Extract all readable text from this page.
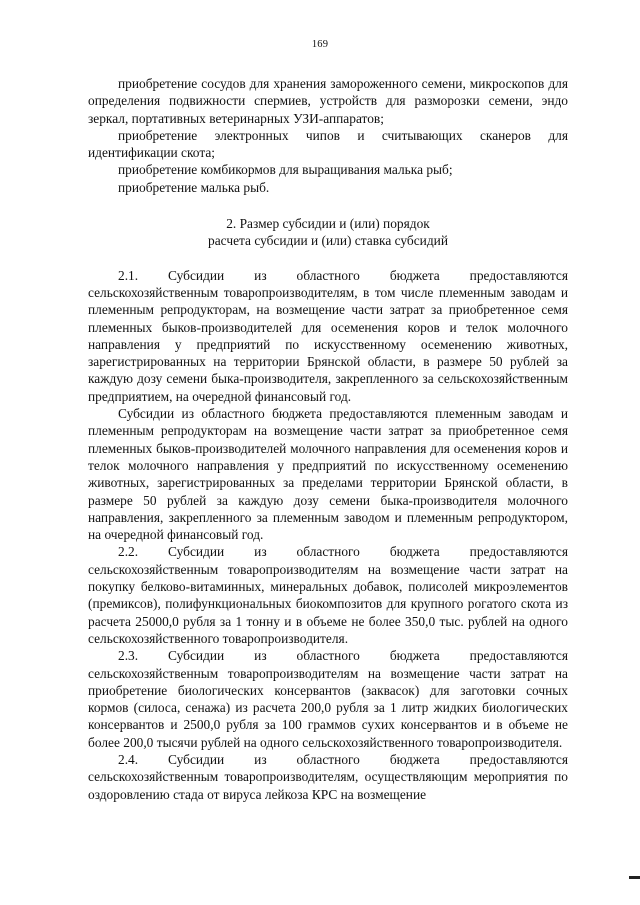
169

приобретение сосудов для хранения замороженного семени, микроскопов для определения подвижности спермиев, устройств для разморозки семени, эндо зеркал, портативных ветеринарных УЗИ-аппаратов;

приобретение электронных чипов и считывающих сканеров для идентификации скота;

приобретение комбикормов для выращивания малька рыб;

приобретение малька рыб.

2. Размер субсидии и (или) порядок

расчета субсидии и (или) ставка субсидий

2.1. Субсидии из областного бюджета предоставляются сельскохозяйственным товаропроизводителям, в том числе племенным заводам и племенным репродукторам, на возмещение части затрат за приобретенное семя племенных быков-производителей для осеменения коров и телок молочного направления у предприятий по искусственному осеменению животных, зарегистрированных на территории Брянской области, в размере 50 рублей за каждую дозу семени быка-производителя, закрепленного за сельскохозяйственным предприятием, на очередной финансовый год.

Субсидии из областного бюджета предоставляются племенным заводам и племенным репродукторам на возмещение части затрат за приобретенное семя племенных быков-производителей молочного направления для осеменения коров и телок молочного направления у предприятий по искусственному осеменению животных, зарегистрированных за пределами территории Брянской области, в размере 50 рублей за каждую дозу семени быка-производителя молочного направления, закрепленного за племенным заводом и племенным репродуктором, на очередной финансовый год.

2.2. Субсидии из областного бюджета предоставляются сельскохозяйственным товаропроизводителям на возмещение части затрат на покупку белково-витаминных, минеральных добавок, полисолей микроэлементов (премиксов), полифункциональных биокомпозитов для крупного рогатого скота из расчета 25000,0 рубля за 1 тонну и в объеме не более 350,0 тыс. рублей на одного сельскохозяйственного товаропроизводителя.

2.3. Субсидии из областного бюджета предоставляются сельскохозяйственным товаропроизводителям на возмещение части затрат на приобретение биологических консервантов (заквасок) для заготовки сочных кормов (силоса, сенажа) из расчета 200,0 рубля за 1 литр жидких биологических консервантов и 2500,0 рубля за 100 граммов сухих консервантов и в объеме не более 200,0 тысячи рублей на одного сельскохозяйственного товаропроизводителя.

2.4. Субсидии из областного бюджета предоставляются сельскохозяйственным товаропроизводителям, осуществляющим мероприятия по оздоровлению стада от вируса лейкоза КРС на возмещение
